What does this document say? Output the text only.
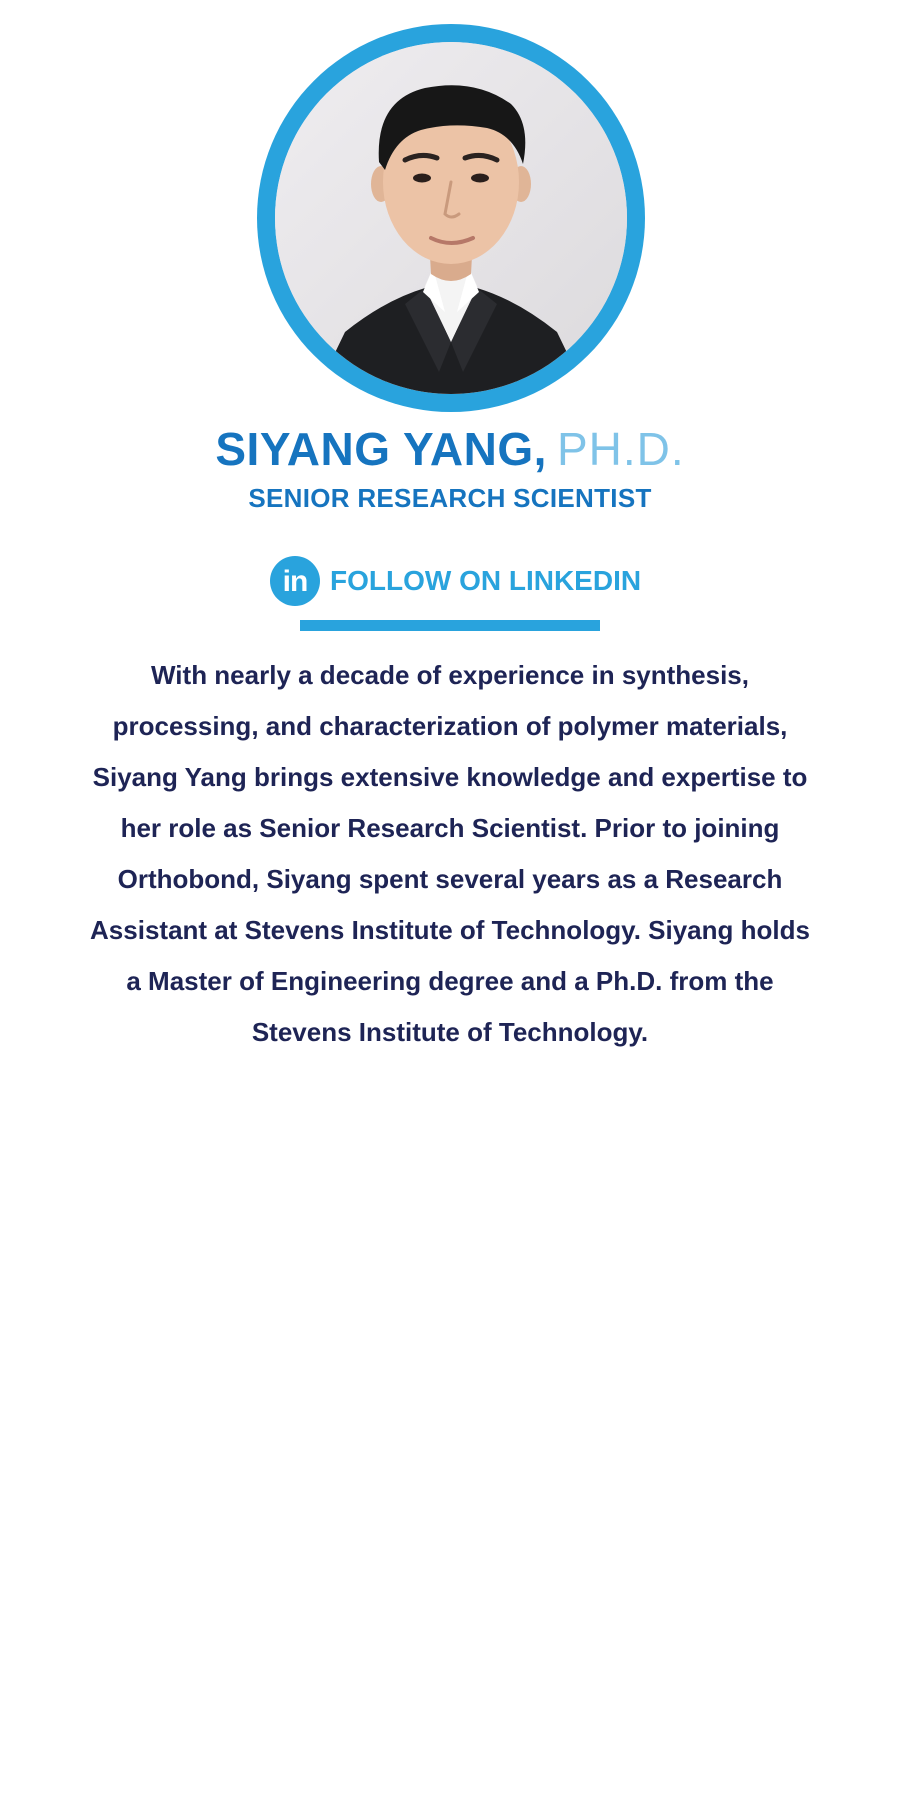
SIYANG YANG, PH.D.
SENIOR RESEARCH SCIENTIST
in FOLLOW ON LINKEDIN

With nearly a decade of experience in synthesis,
processing, and characterization of polymer materials,
Siyang Yang brings extensive knowledge and expertise to
her role as Senior Research Scientist. Prior to joining
Orthobond, Siyang spent several years as a Research
Assistant at Stevens Institute of Technology. Siyang holds
a Master of Engineering degree and a Ph.D. from the
Stevens Institute of Technology.
